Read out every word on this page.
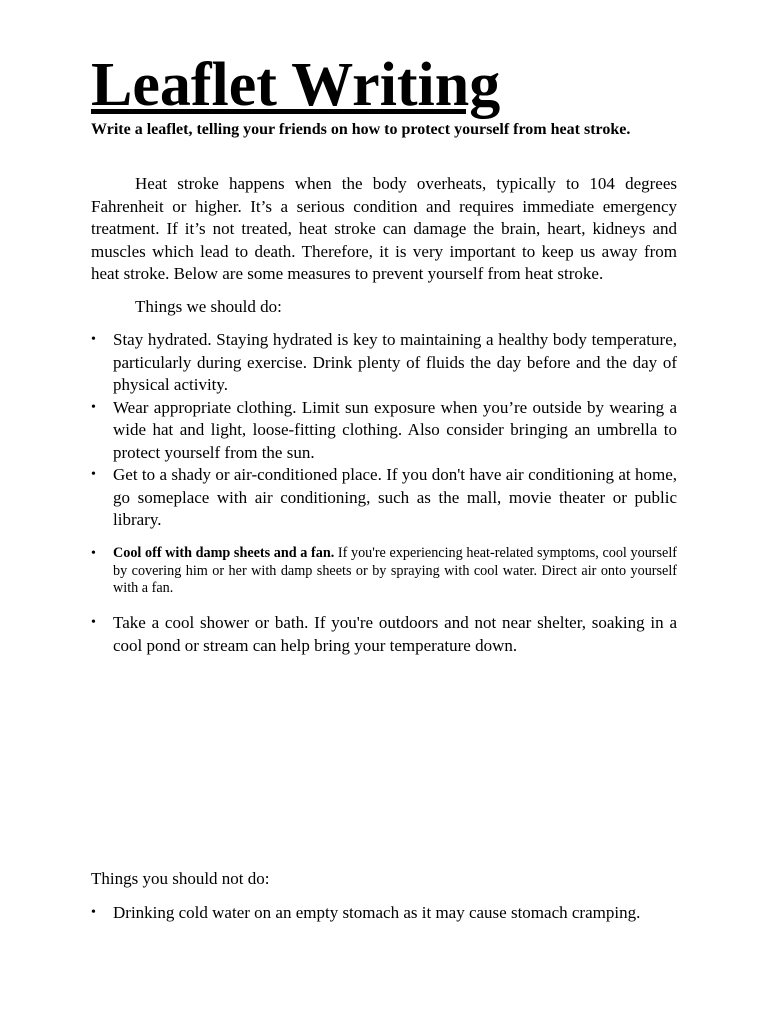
Leaflet Writing
Write a leaflet, telling your friends on how to protect yourself from heat stroke.
Heat stroke happens when the body overheats, typically to 104 degrees Fahrenheit or higher. It’s a serious condition and requires immediate emergency treatment. If it’s not treated, heat stroke can damage the brain, heart, kidneys and muscles which lead to death. Therefore, it is very important to keep us away from heat stroke. Below are some measures to prevent yourself from heat stroke.
Things we should do:
• Stay hydrated. Staying hydrated is key to maintaining a healthy body temperature, particularly during exercise. Drink plenty of fluids the day before and the day of physical activity.
• Wear appropriate clothing. Limit sun exposure when you’re outside by wearing a wide hat and light, loose-fitting clothing. Also consider bringing an umbrella to protect yourself from the sun.
• Get to a shady or air-conditioned place. If you don't have air conditioning at home, go someplace with air conditioning, such as the mall, movie theater or public library.
• Cool off with damp sheets and a fan. If you're experiencing heat-related symptoms, cool yourself by covering him or her with damp sheets or by spraying with cool water. Direct air onto yourself with a fan.
• Take a cool shower or bath. If you're outdoors and not near shelter, soaking in a cool pond or stream can help bring your temperature down.
Things you should not do:
• Drinking cold water on an empty stomach as it may cause stomach cramping.
